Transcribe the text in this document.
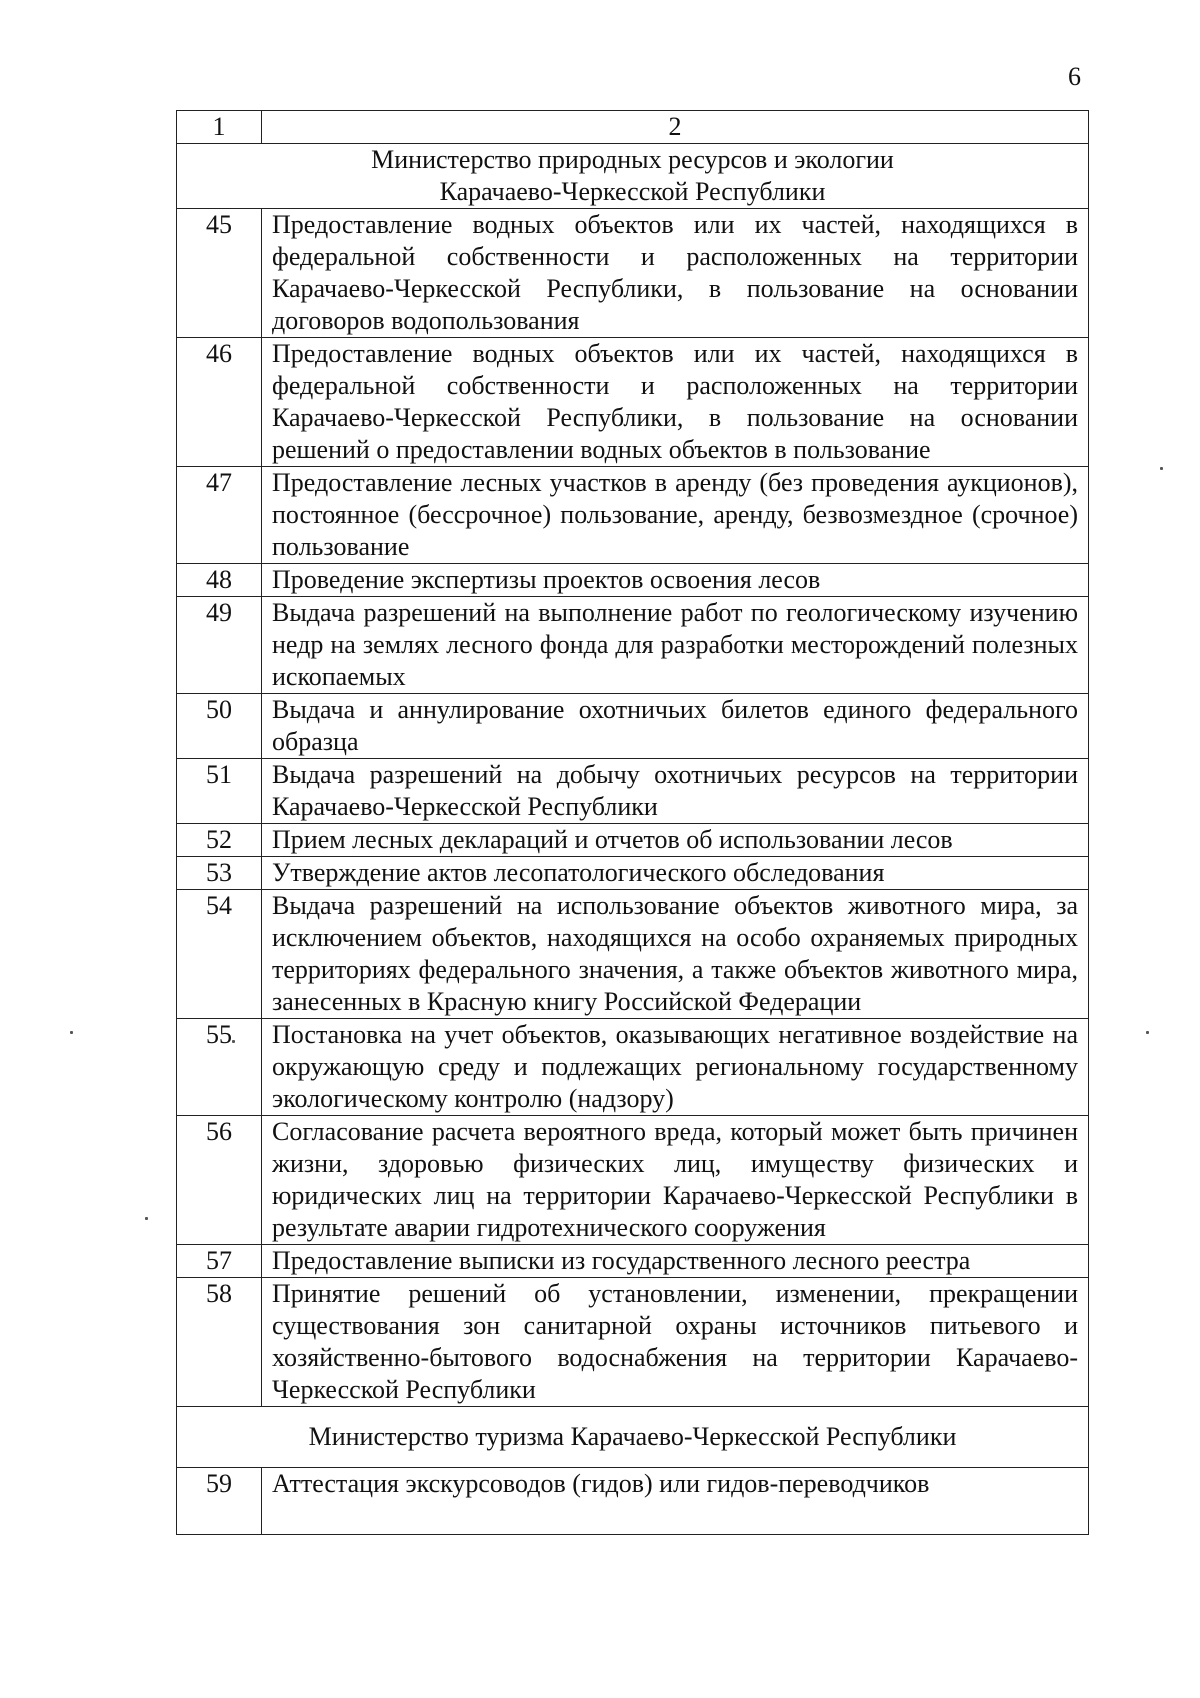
6
1	2

Министерство природных ресурсов и экологии
Карачаево-Черкесской Республики	

45	Предоставление водных объектов или их частей, находящихся в федеральной собственности и расположенных на территории Карачаево-Черкесской Республики, в пользование на основании договоров водопользования
46	Предоставление водных объектов или их частей, находящихся в федеральной собственности и расположенных на территории Карачаево-Черкесской Республики, в пользование на основании решений о предоставлении водных объектов в пользование
47	Предоставление лесных участков в аренду (без проведения аукционов), постоянное (бессрочное) пользование, аренду, безвозмездное (срочное) пользование
48	Проведение экспертизы проектов освоения лесов
49	Выдача разрешений на выполнение работ по геологическому изучению недр на землях лесного фонда для разработки месторождений полезных ископаемых
50	Выдача и аннулирование охотничьих билетов единого федерального образца
51	Выдача разрешений на добычу охотничьих ресурсов на территории Карачаево-Черкесской Республики
52	Прием лесных деклараций и отчетов об использовании лесов
53	Утверждение актов лесопатологического обследования
54	Выдача разрешений на использование объектов животного мира, за исключением объектов, находящихся на особо охраняемых природных территориях федерального значения, а также объектов животного мира, занесенных в Красную книгу Российской Федерации
55	Постановка на учет объектов, оказывающих негативное воздействие на окружающую среду и подлежащих региональному государственному экологическому контролю (надзору)
56	Согласование расчета вероятного вреда, который может быть причинен жизни, здоровью физических лиц, имуществу физических и юридических лиц на территории Карачаево-Черкесской Республики в результате аварии гидротехнического сооружения
57	Предоставление выписки из государственного лесного реестра
58	Принятие решений об установлении, изменении, прекращении существования зон санитарной охраны источников питьевого и хозяйственно-бытового водоснабжения на территории Карачаево-Черкесской Республики

Министерство туризма Карачаево-Черкесской Республики	

59	Аттестация экскурсоводов (гидов) или гидов-переводчиков
